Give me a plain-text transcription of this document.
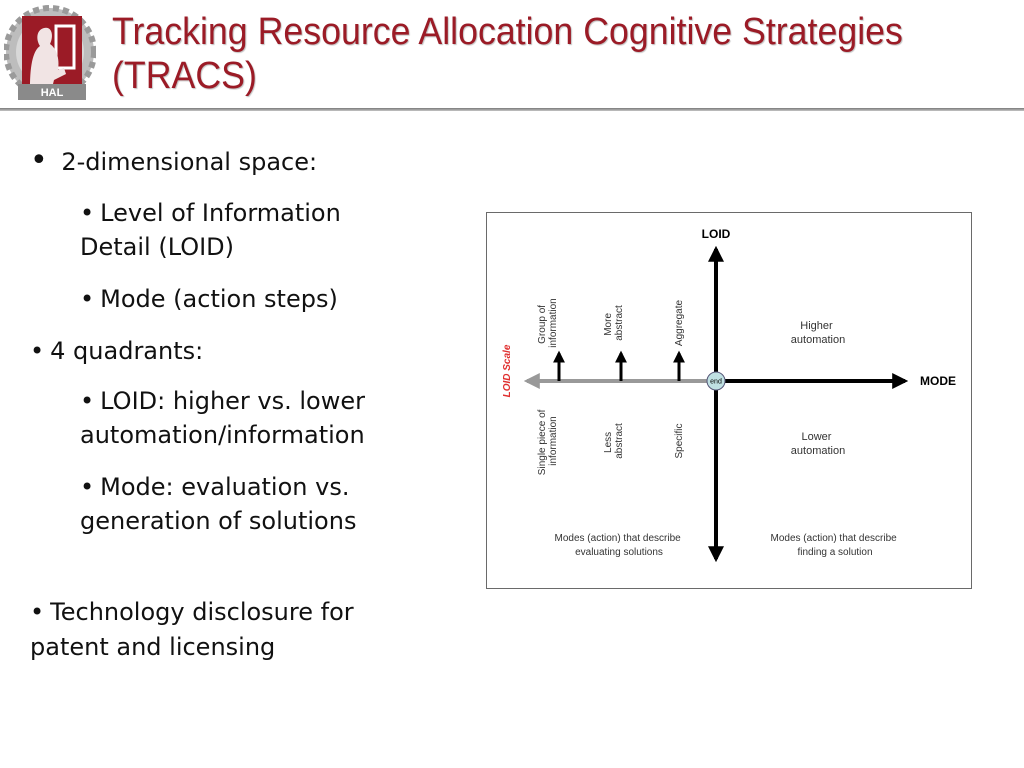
HAL
Humans and Automation Laboratory
Tracking Resource Allocation Cognitive Strategies
(TRACS)
• 2-dimensional space:
• Level of Information
Detail (LOID)
• Mode (action steps)
• 4 quadrants:
• LOID: higher vs. lower
automation/information
• Mode: evaluation vs.
generation of solutions
• Technology disclosure for
patent and licensing
end
LOID
MODE
LOID Scale
Group of information	More abstract	Aggregate
Single piece of information	Less abstract	Specific
Higher automation
Lower automation
Modes (action) that describe evaluating solutions
Modes (action) that describe finding a solution
